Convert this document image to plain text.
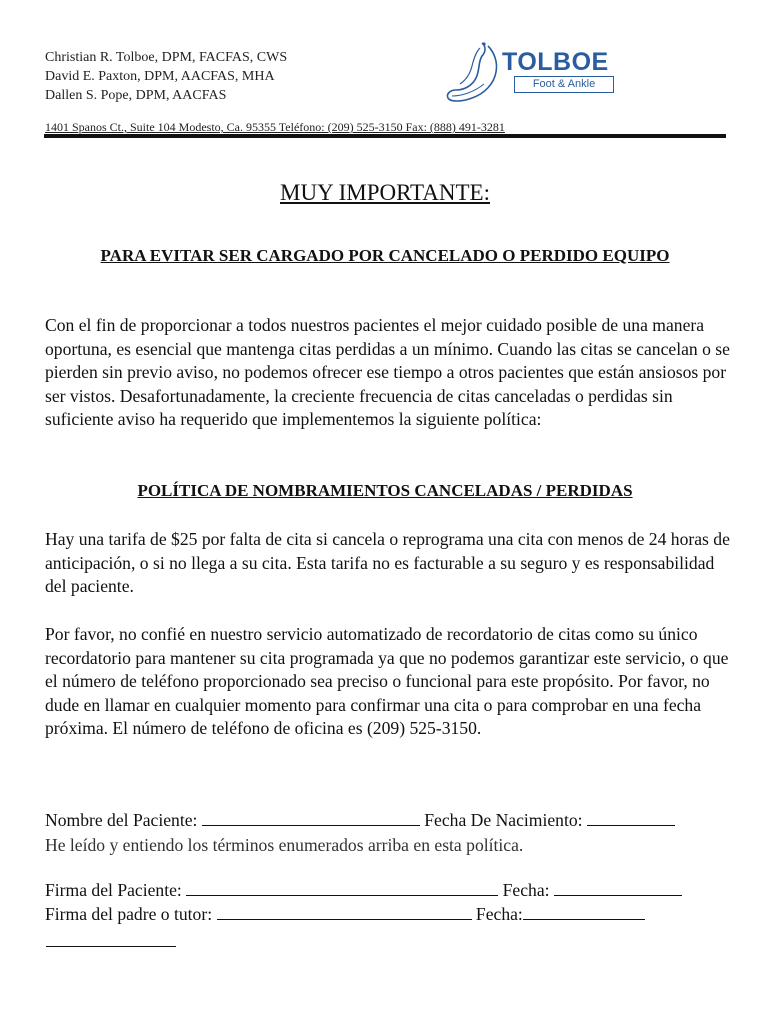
Christian R. Tolboe, DPM, FACFAS, CWS
David E. Paxton, DPM, AACFAS, MHA
Dallen S. Pope, DPM, AACFAS
TOLBOE
Foot & Ankle
1401 Spanos Ct., Suite 104 Modesto, Ca. 95355 Teléfono: (209) 525-3150 Fax: (888) 491-3281
MUY IMPORTANTE:
PARA EVITAR SER CARGADO POR CANCELADO O PERDIDO EQUIPO
Con el fin de proporcionar a todos nuestros pacientes el mejor cuidado posible de una manera oportuna, es esencial que mantenga citas perdidas a un mínimo. Cuando las citas se cancelan o se pierden sin previo aviso, no podemos ofrecer ese tiempo a otros pacientes que están ansiosos por ser vistos. Desafortunadamente, la creciente frecuencia de citas canceladas o perdidas sin suficiente aviso ha requerido que implementemos la siguiente política:
POLÍTICA DE NOMBRAMIENTOS CANCELADAS / PERDIDAS
Hay una tarifa de $25 por falta de cita si cancela o reprograma una cita con menos de 24 horas de anticipación, o si no llega a su cita. Esta tarifa no es facturable a su seguro y es responsabilidad del paciente.
Por favor, no confié en nuestro servicio automatizado de recordatorio de citas como su único recordatorio para mantener su cita programada ya que no podemos garantizar este servicio, o que el número de teléfono proporcionado sea preciso o funcional para este propósito. Por favor, no dude en llamar en cualquier momento para confirmar una cita o para comprobar en una fecha próxima. El número de teléfono de oficina es (209) 525-3150.
Nombre del Paciente:	Fecha De Nacimiento:
He leído y entiendo los términos enumerados arriba en esta política.
Firma del Paciente:	Fecha:
Firma del padre o tutor:	Fecha:
